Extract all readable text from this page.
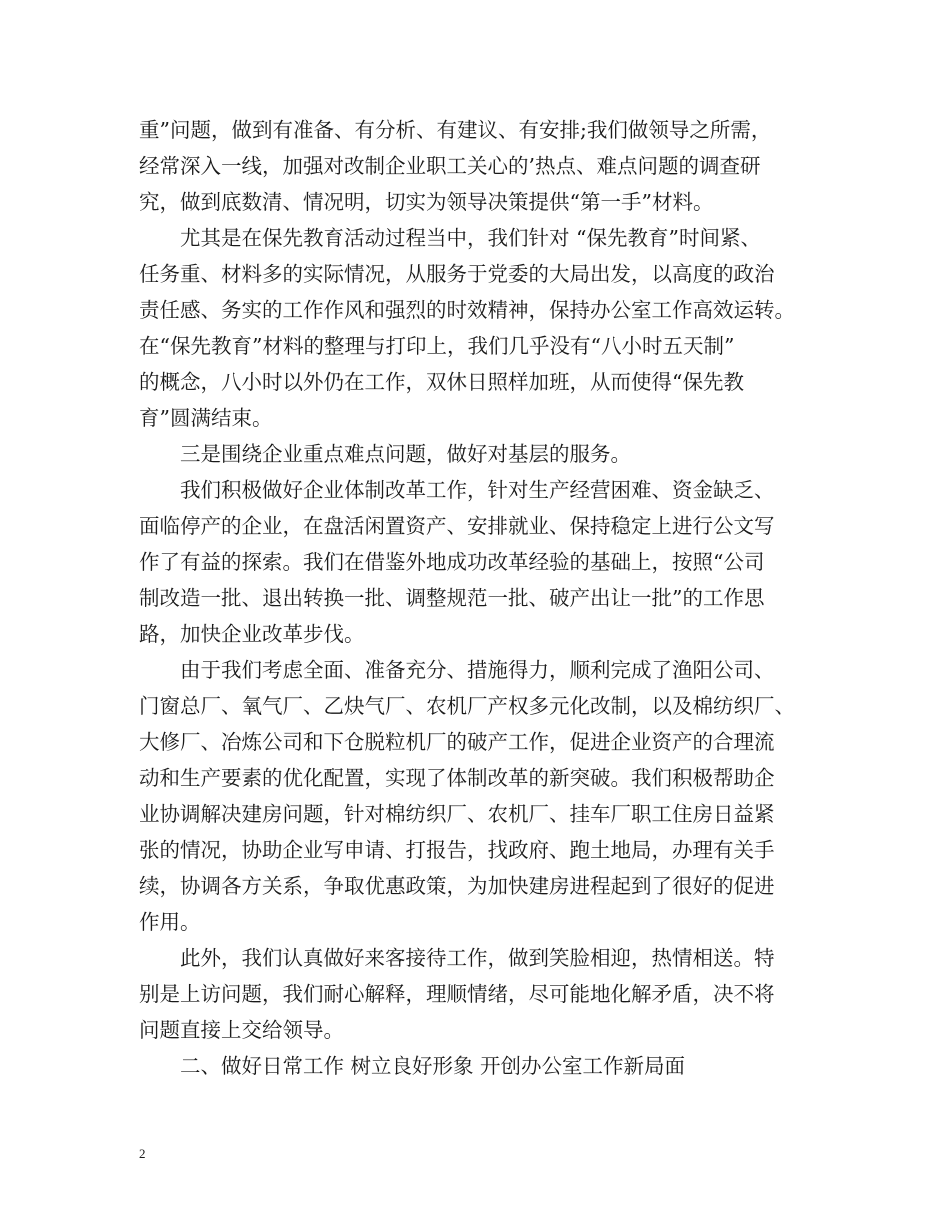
重”问题，做到有准备、有分析、有建议、有安排;我们做领导之所需，
经常深入一线，加强对改制企业职工关心的’热点、难点问题的调查研
究，做到底数清、情况明，切实为领导决策提供“第一手”材料。
　　尤其是在保先教育活动过程当中，我们针对 “保先教育”时间紧、
任务重、材料多的实际情况，从服务于党委的大局出发，以高度的政治
责任感、务实的工作作风和强烈的时效精神，保持办公室工作高效运转。
在“保先教育”材料的整理与打印上，我们几乎没有“八小时五天制”
的概念，八小时以外仍在工作，双休日照样加班，从而使得“保先教
育”圆满结束。
　　三是围绕企业重点难点问题，做好对基层的服务。
　　我们积极做好企业体制改革工作，针对生产经营困难、资金缺乏、
面临停产的企业，在盘活闲置资产、安排就业、保持稳定上进行公文写
作了有益的探索。我们在借鉴外地成功改革经验的基础上，按照“公司
制改造一批、退出转换一批、调整规范一批、破产出让一批”的工作思
路，加快企业改革步伐。
　　由于我们考虑全面、准备充分、措施得力，顺利完成了渔阳公司、
门窗总厂、氧气厂、乙炔气厂、农机厂产权多元化改制，以及棉纺织厂、
大修厂、冶炼公司和下仓脱粒机厂的破产工作，促进企业资产的合理流
动和生产要素的优化配置，实现了体制改革的新突破。我们积极帮助企
业协调解决建房问题，针对棉纺织厂、农机厂、挂车厂职工住房日益紧
张的情况，协助企业写申请、打报告，找政府、跑土地局，办理有关手
续，协调各方关系，争取优惠政策，为加快建房进程起到了很好的促进
作用。
　　此外，我们认真做好来客接待工作，做到笑脸相迎，热情相送。特
别是上访问题，我们耐心解释，理顺情绪，尽可能地化解矛盾，决不将
问题直接上交给领导。
　　二、做好日常工作 树立良好形象 开创办公室工作新局面
2
